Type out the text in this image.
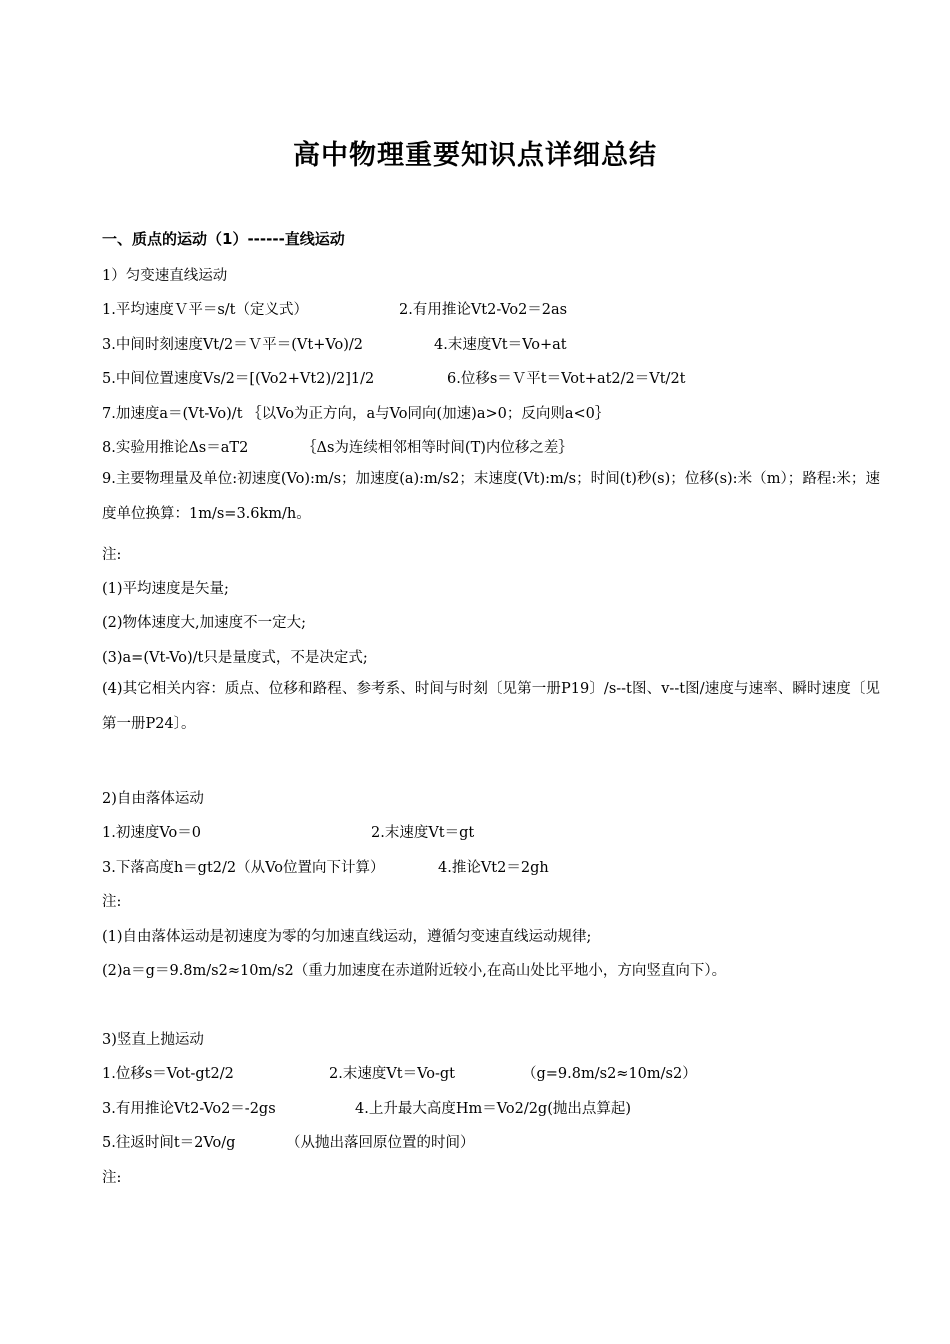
高中物理重要知识点详细总结
一、质点的运动（1）------直线运动
1）匀变速直线运动
1.平均速度Ｖ平＝s/t（定义式）	2.有用推论Vt2-Vo2＝2as
3.中间时刻速度Vt/2＝Ｖ平＝(Vt+Vo)/2	4.末速度Vt＝Vo+at
5.中间位置速度Vs/2＝[(Vo2+Vt2)/2]1/2	6.位移s＝Ｖ平t＝Vot+at2/2＝Vt/2t
7.加速度a＝(Vt-Vo)/t ｛以Vo为正方向，a与Vo同向(加速)a>0；反向则a<0｝
8.实验用推论Δs＝aT2	｛Δs为连续相邻相等时间(T)内位移之差｝
9.主要物理量及单位:初速度(Vo):m/s；加速度(a):m/s2；末速度(Vt):m/s；时间(t)秒(s)；位移(s):米（m）；路程:米；速度单位换算：1m/s=3.6km/h。
注:
(1)平均速度是矢量;
(2)物体速度大,加速度不一定大;
(3)a=(Vt-Vo)/t只是量度式，不是决定式;
(4)其它相关内容：质点、位移和路程、参考系、时间与时刻〔见第一册P19〕/s--t图、v--t图/速度与速率、瞬时速度〔见第一册P24〕。
2)自由落体运动
1.初速度Vo＝0	2.末速度Vt＝gt
3.下落高度h＝gt2/2（从Vo位置向下计算）	4.推论Vt2＝2gh
注:
(1)自由落体运动是初速度为零的匀加速直线运动，遵循匀变速直线运动规律;
(2)a＝g＝9.8m/s2≈10m/s2（重力加速度在赤道附近较小,在高山处比平地小，方向竖直向下）。
3)竖直上抛运动
1.位移s＝Vot-gt2/2	2.末速度Vt＝Vo-gt	（g=9.8m/s2≈10m/s2）
3.有用推论Vt2-Vo2＝-2gs	4.上升最大高度Hm＝Vo2/2g(抛出点算起)
5.往返时间t＝2Vo/g	（从抛出落回原位置的时间）
注:
